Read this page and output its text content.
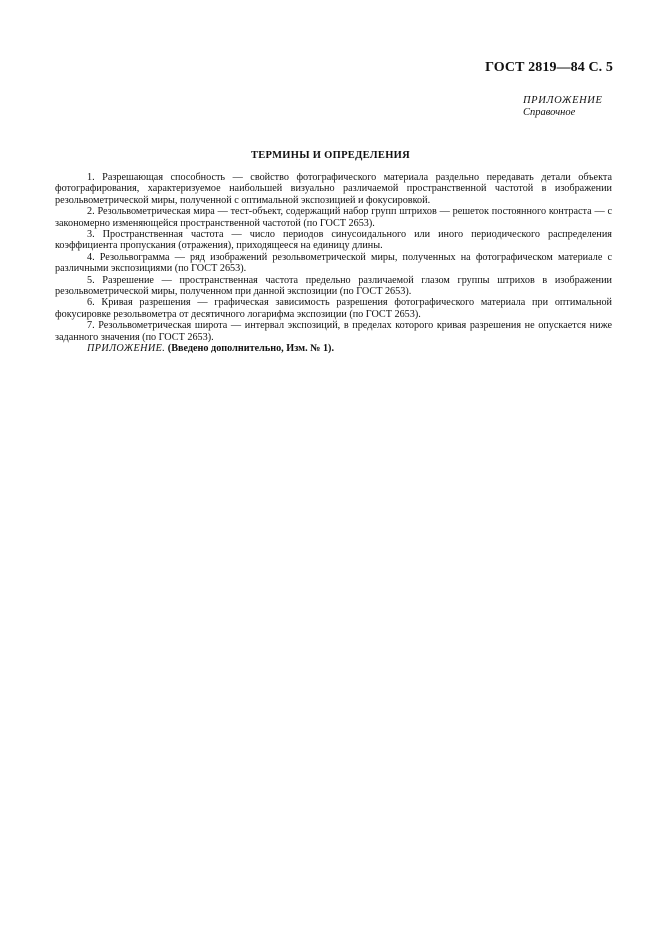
ГОСТ 2819—84 С. 5
ПРИЛОЖЕНИЕ
Справочное
ТЕРМИНЫ И ОПРЕДЕЛЕНИЯ

1. Разрешающая способность — свойство фотографического материала раздельно передавать детали объекта фотографирования, характеризуемое наибольшей визуально различаемой пространственной частотой в изображении резольвометрической миры, полученной с оптимальной экспозицией и фокусировкой.

2. Резольвометрическая мира — тест-объект, содержащий набор групп штрихов — решеток постоянного контраста — с закономерно изменяющейся пространственной частотой (по ГОСТ 2653).

3. Пространственная частота — число периодов синусоидального или иного периодического распределения коэффициента пропускания (отражения), приходящееся на единицу длины.

4. Резольвограмма — ряд изображений резольвометрической миры, полученных на фотографическом материале с различными экспозициями (по ГОСТ 2653).

5. Разрешение — пространственная частота предельно различаемой глазом группы штрихов в изображении резольвометрической миры, полученном при данной экспозиции (по ГОСТ 2653).

6. Кривая разрешения — графическая зависимость разрешения фотографического материала при оптимальной фокусировке резольвометра от десятичного логарифма экспозиции (по ГОСТ 2653).

7. Резольвометрическая широта — интервал экспозиций, в пределах которого кривая разрешения не опускается ниже заданного значения (по ГОСТ 2653).

ПРИЛОЖЕНИЕ. (Введено дополнительно, Изм. № 1).
